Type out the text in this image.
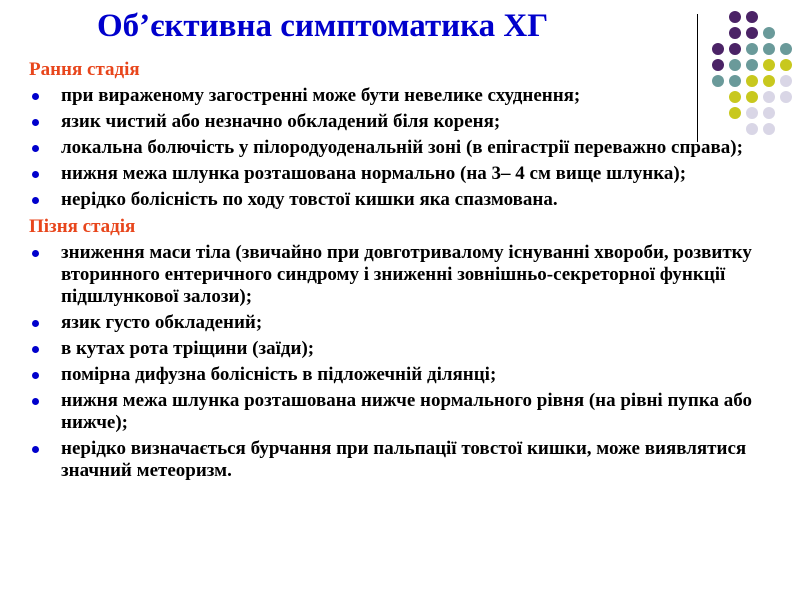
Об’єктивна симптоматика ХГ
Рання стадія
при вираженому загостренні може бути невелике схуднення;
язик чистий або незначно обкладений біля кореня;
локальна болючість у пілородуоденальній зоні (в епігастрії переважно справа);
нижня межа шлунка розташована нормально (на 3– 4 см вище шлунка);
нерідко болісність по ходу товстої кишки яка спазмована.
Пізня стадія
зниження маси тіла (звичайно при довготривалому існуванні хвороби, розвитку вторинного ентеричного синдрому і зниженні зовнішньо-секреторної функції підшлункової залози);
язик густо обкладений;
в кутах рота тріщини (заїди);
помірна дифузна болісність в підложечній ділянці;
нижня межа шлунка розташована нижче нормального рівня (на рівні пупка або нижче);
нерідко визначається бурчання при пальпації товстої кишки, може виявлятися значний метеоризм.
